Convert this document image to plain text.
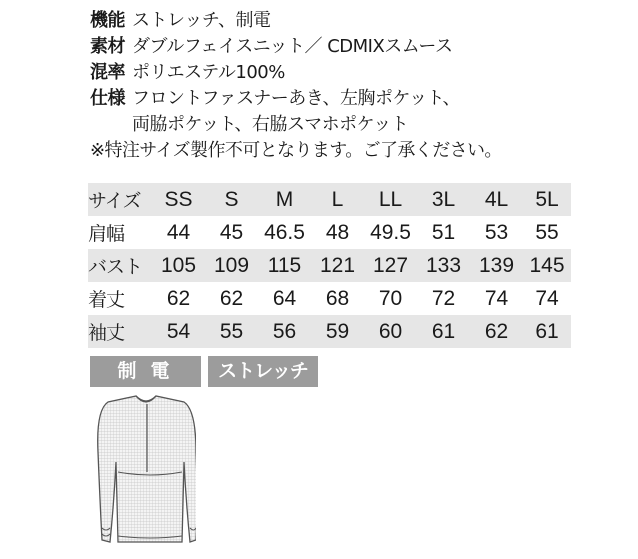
機能 ストレッチ、制電
素材 ダブルフェイスニット／ CDMIXスムース
混率 ポリエステル100%
仕様 フロントファスナーあき、左胸ポケット、
両脇ポケット、右脇スマホポケット
※特注サイズ製作不可となります。ご了承ください。
サイズ	SS	S	M	L	LL	3L	4L	5L
肩幅	44	45	46.5	48	49.5	51	53	55
バスト	105	109	115	121	127	133	139	145
着丈	62	62	64	68	70	72	74	74
袖丈	54	55	56	59	60	61	62	61
制電	ストレッチ
